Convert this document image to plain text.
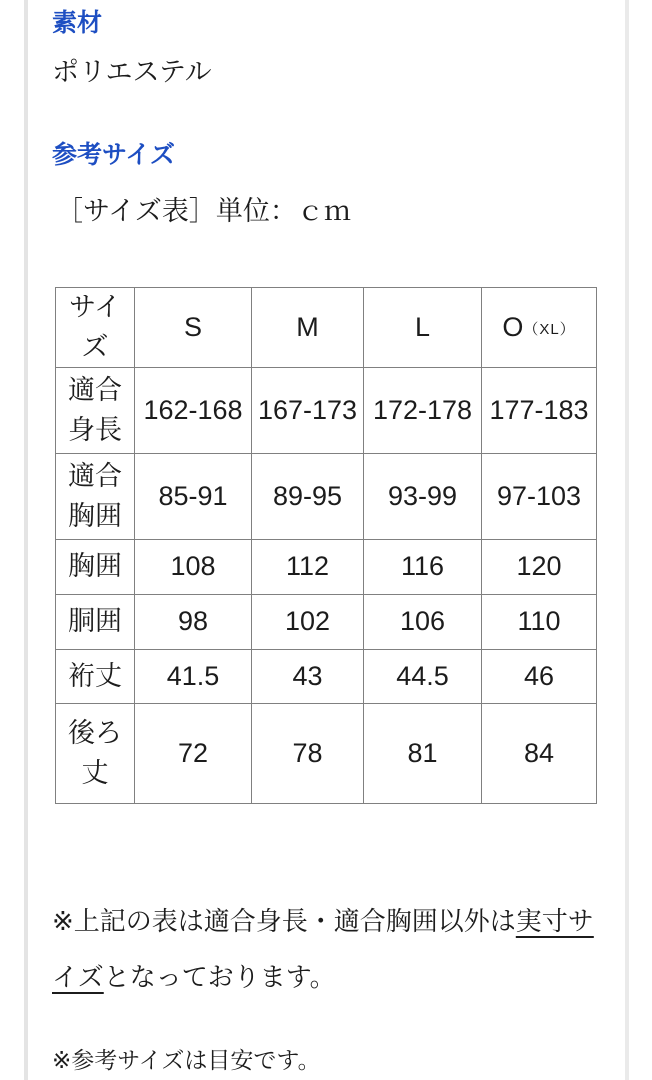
素材
ポリエステル
参考サイズ
［サイズ表］単位：ｃｍ
サイズ	S	M	L	O（XL）
適合身長	162-168	167-173	172-178	177-183
適合胸囲	85-91	89-95	93-99	97-103
胸囲	108	112	116	120
胴囲	98	102	106	110
裄丈	41.5	43	44.5	46
後ろ丈	72	78	81	84
※上記の表は適合身長・適合胸囲以外は実寸サイズとなっております。
※参考サイズは目安です。
